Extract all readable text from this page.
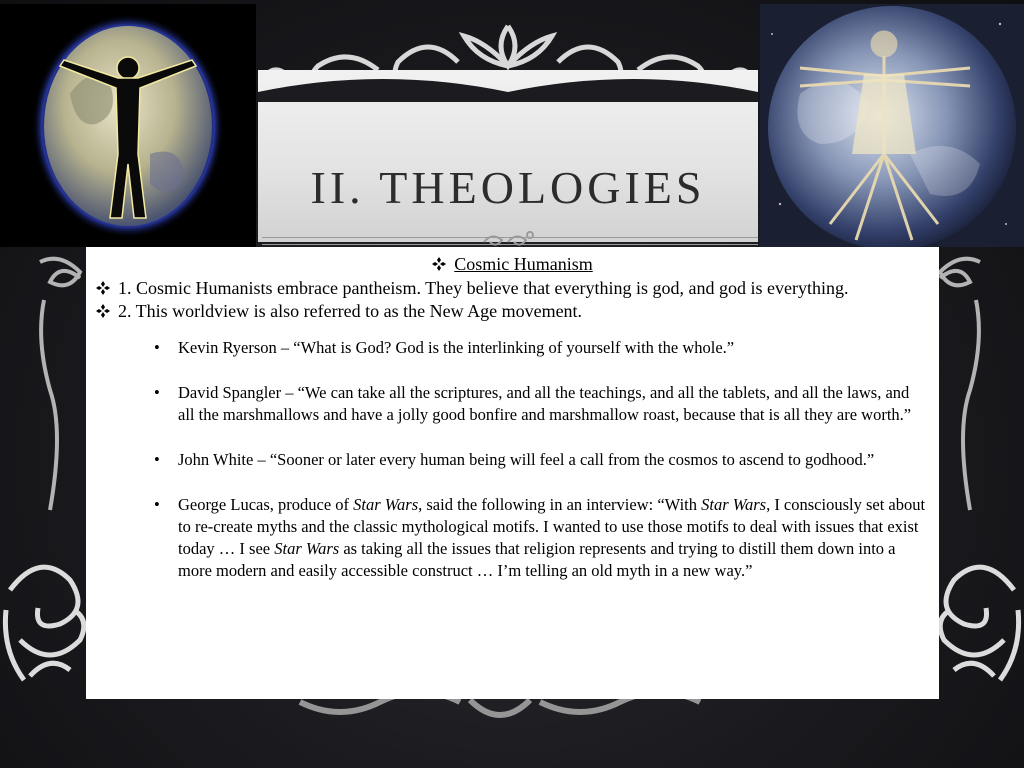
II. THEOLOGIES
Cosmic Humanism
1. Cosmic Humanists embrace pantheism. They believe that everything is god, and god is everything.
2. This worldview is also referred to as the New Age movement.
• Kevin Ryerson – “What is God? God is the interlinking of yourself with the whole.”
• David Spangler – “We can take all the scriptures, and all the teachings, and all the tablets, and all the laws, and all the marshmallows and have a jolly good bonfire and marshmallow roast, because that is all they are worth.”
• John White – “Sooner or later every human being will feel a call from the cosmos to ascend to godhood.”
• George Lucas, produce of Star Wars, said the following in an interview: “With Star Wars, I consciously set about to re-create myths and the classic mythological motifs. I wanted to use those motifs to deal with issues that exist today … I see Star Wars as taking all the issues that religion represents and trying to distill them down into a more modern and easily accessible construct … I’m telling an old myth in a new way.”
